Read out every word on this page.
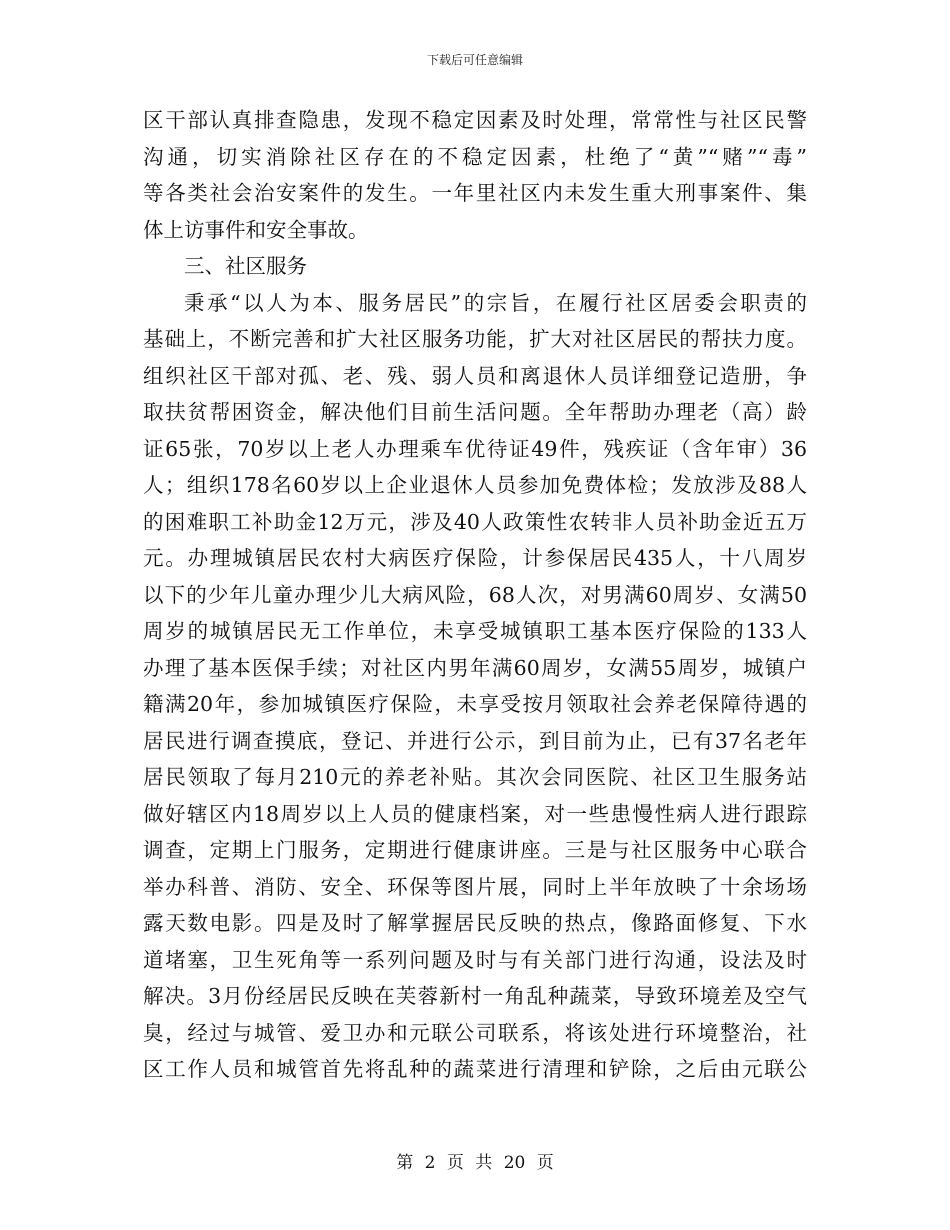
下载后可任意编辑
区干部认真排查隐患，发现不稳定因素及时处理，常常性与社区民警
沟通，切实消除社区存在的不稳定因素，杜绝了“黄”“赌”“毒”
等各类社会治安案件的发生。一年里社区内未发生重大刑事案件、集
体上访事件和安全事故。
三、社区服务
秉承“以人为本、服务居民”的宗旨，在履行社区居委会职责的
基础上，不断完善和扩大社区服务功能，扩大对社区居民的帮扶力度。
组织社区干部对孤、老、残、弱人员和离退休人员详细登记造册，争
取扶贫帮困资金，解决他们目前生活问题。全年帮助办理老（高）龄
证65张，70岁以上老人办理乘车优待证49件，残疾证（含年审）36
人；组织178名60岁以上企业退休人员参加免费体检；发放涉及88人
的困难职工补助金12万元，涉及40人政策性农转非人员补助金近五万
元。办理城镇居民农村大病医疗保险，计参保居民435人，十八周岁
以下的少年儿童办理少儿大病风险，68人次，对男满60周岁、女满50
周岁的城镇居民无工作单位，未享受城镇职工基本医疗保险的133人
办理了基本医保手续；对社区内男年满60周岁，女满55周岁，城镇户
籍满20年，参加城镇医疗保险，未享受按月领取社会养老保障待遇的
居民进行调查摸底，登记、并进行公示，到目前为止，已有37名老年
居民领取了每月210元的养老补贴。其次会同医院、社区卫生服务站
做好辖区内18周岁以上人员的健康档案，对一些患慢性病人进行跟踪
调查，定期上门服务，定期进行健康讲座。三是与社区服务中心联合
举办科普、消防、安全、环保等图片展，同时上半年放映了十余场场
露天数电影。四是及时了解掌握居民反映的热点，像路面修复、下水
道堵塞，卫生死角等一系列问题及时与有关部门进行沟通，设法及时
解决。3月份经居民反映在芙蓉新村一角乱种蔬菜，导致环境差及空气
臭，经过与城管、爱卫办和元联公司联系，将该处进行环境整治，社
区工作人员和城管首先将乱种的蔬菜进行清理和铲除，之后由元联公
第 2 页 共 20 页
